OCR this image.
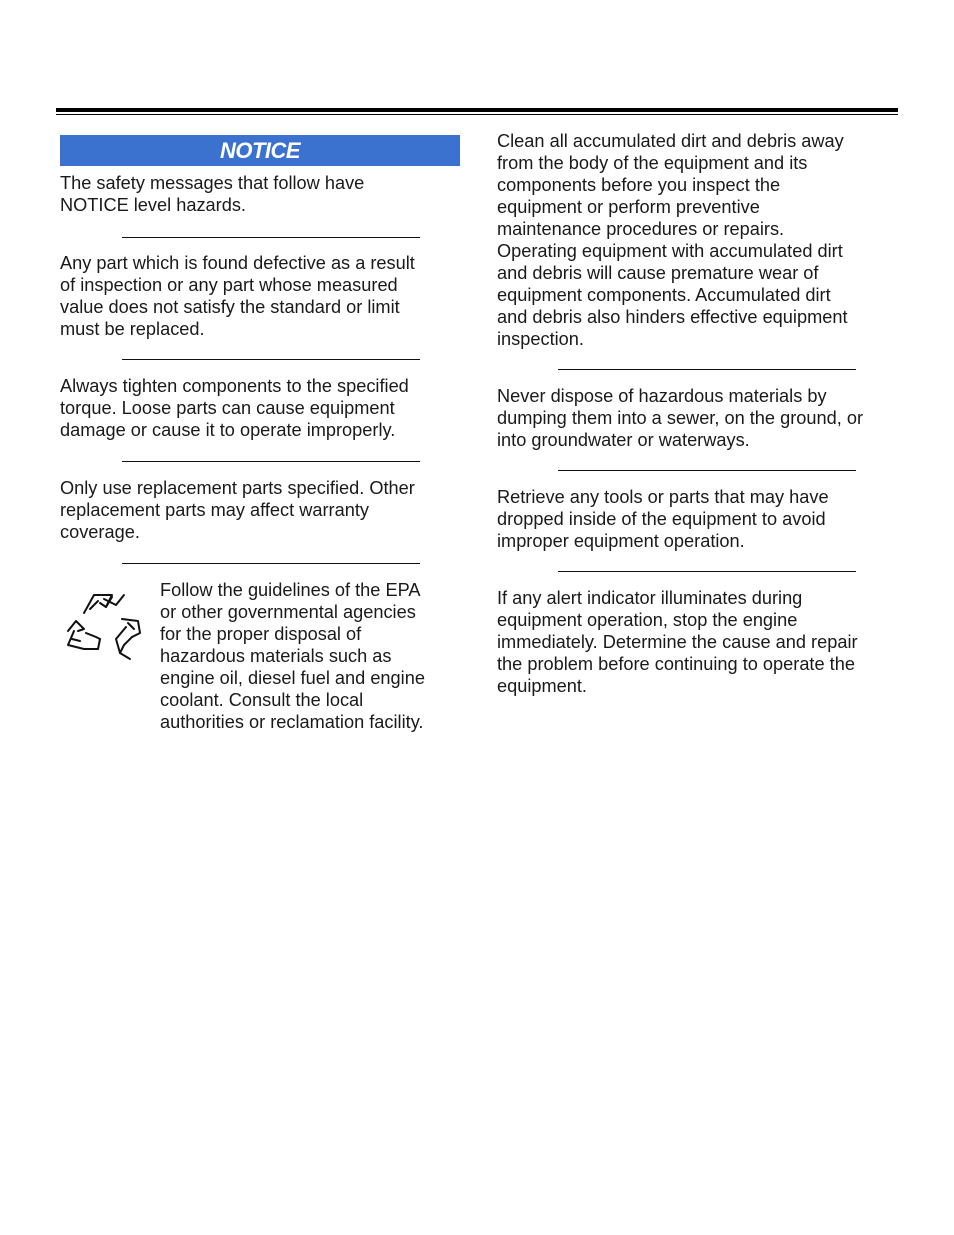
NOTICE

The safety messages that follow have
NOTICE level hazards.

Any part which is found defective as a result
of inspection or any part whose measured
value does not satisfy the standard or limit
must be replaced.

Always tighten components to the specified
torque. Loose parts can cause equipment
damage or cause it to operate improperly.

Only use replacement parts specified. Other
replacement parts may affect warranty
coverage.

Follow the guidelines of the EPA
or other governmental agencies
for the proper disposal of
hazardous materials such as
engine oil, diesel fuel and engine
coolant. Consult the local
authorities or reclamation facility.

Clean all accumulated dirt and debris away
from the body of the equipment and its
components before you inspect the
equipment or perform preventive
maintenance procedures or repairs.
Operating equipment with accumulated dirt
and debris will cause premature wear of
equipment components. Accumulated dirt
and debris also hinders effective equipment
inspection.

Never dispose of hazardous materials by
dumping them into a sewer, on the ground, or
into groundwater or waterways.

Retrieve any tools or parts that may have
dropped inside of the equipment to avoid
improper equipment operation.

If any alert indicator illuminates during
equipment operation, stop the engine
immediately. Determine the cause and repair
the problem before continuing to operate the
equipment.
